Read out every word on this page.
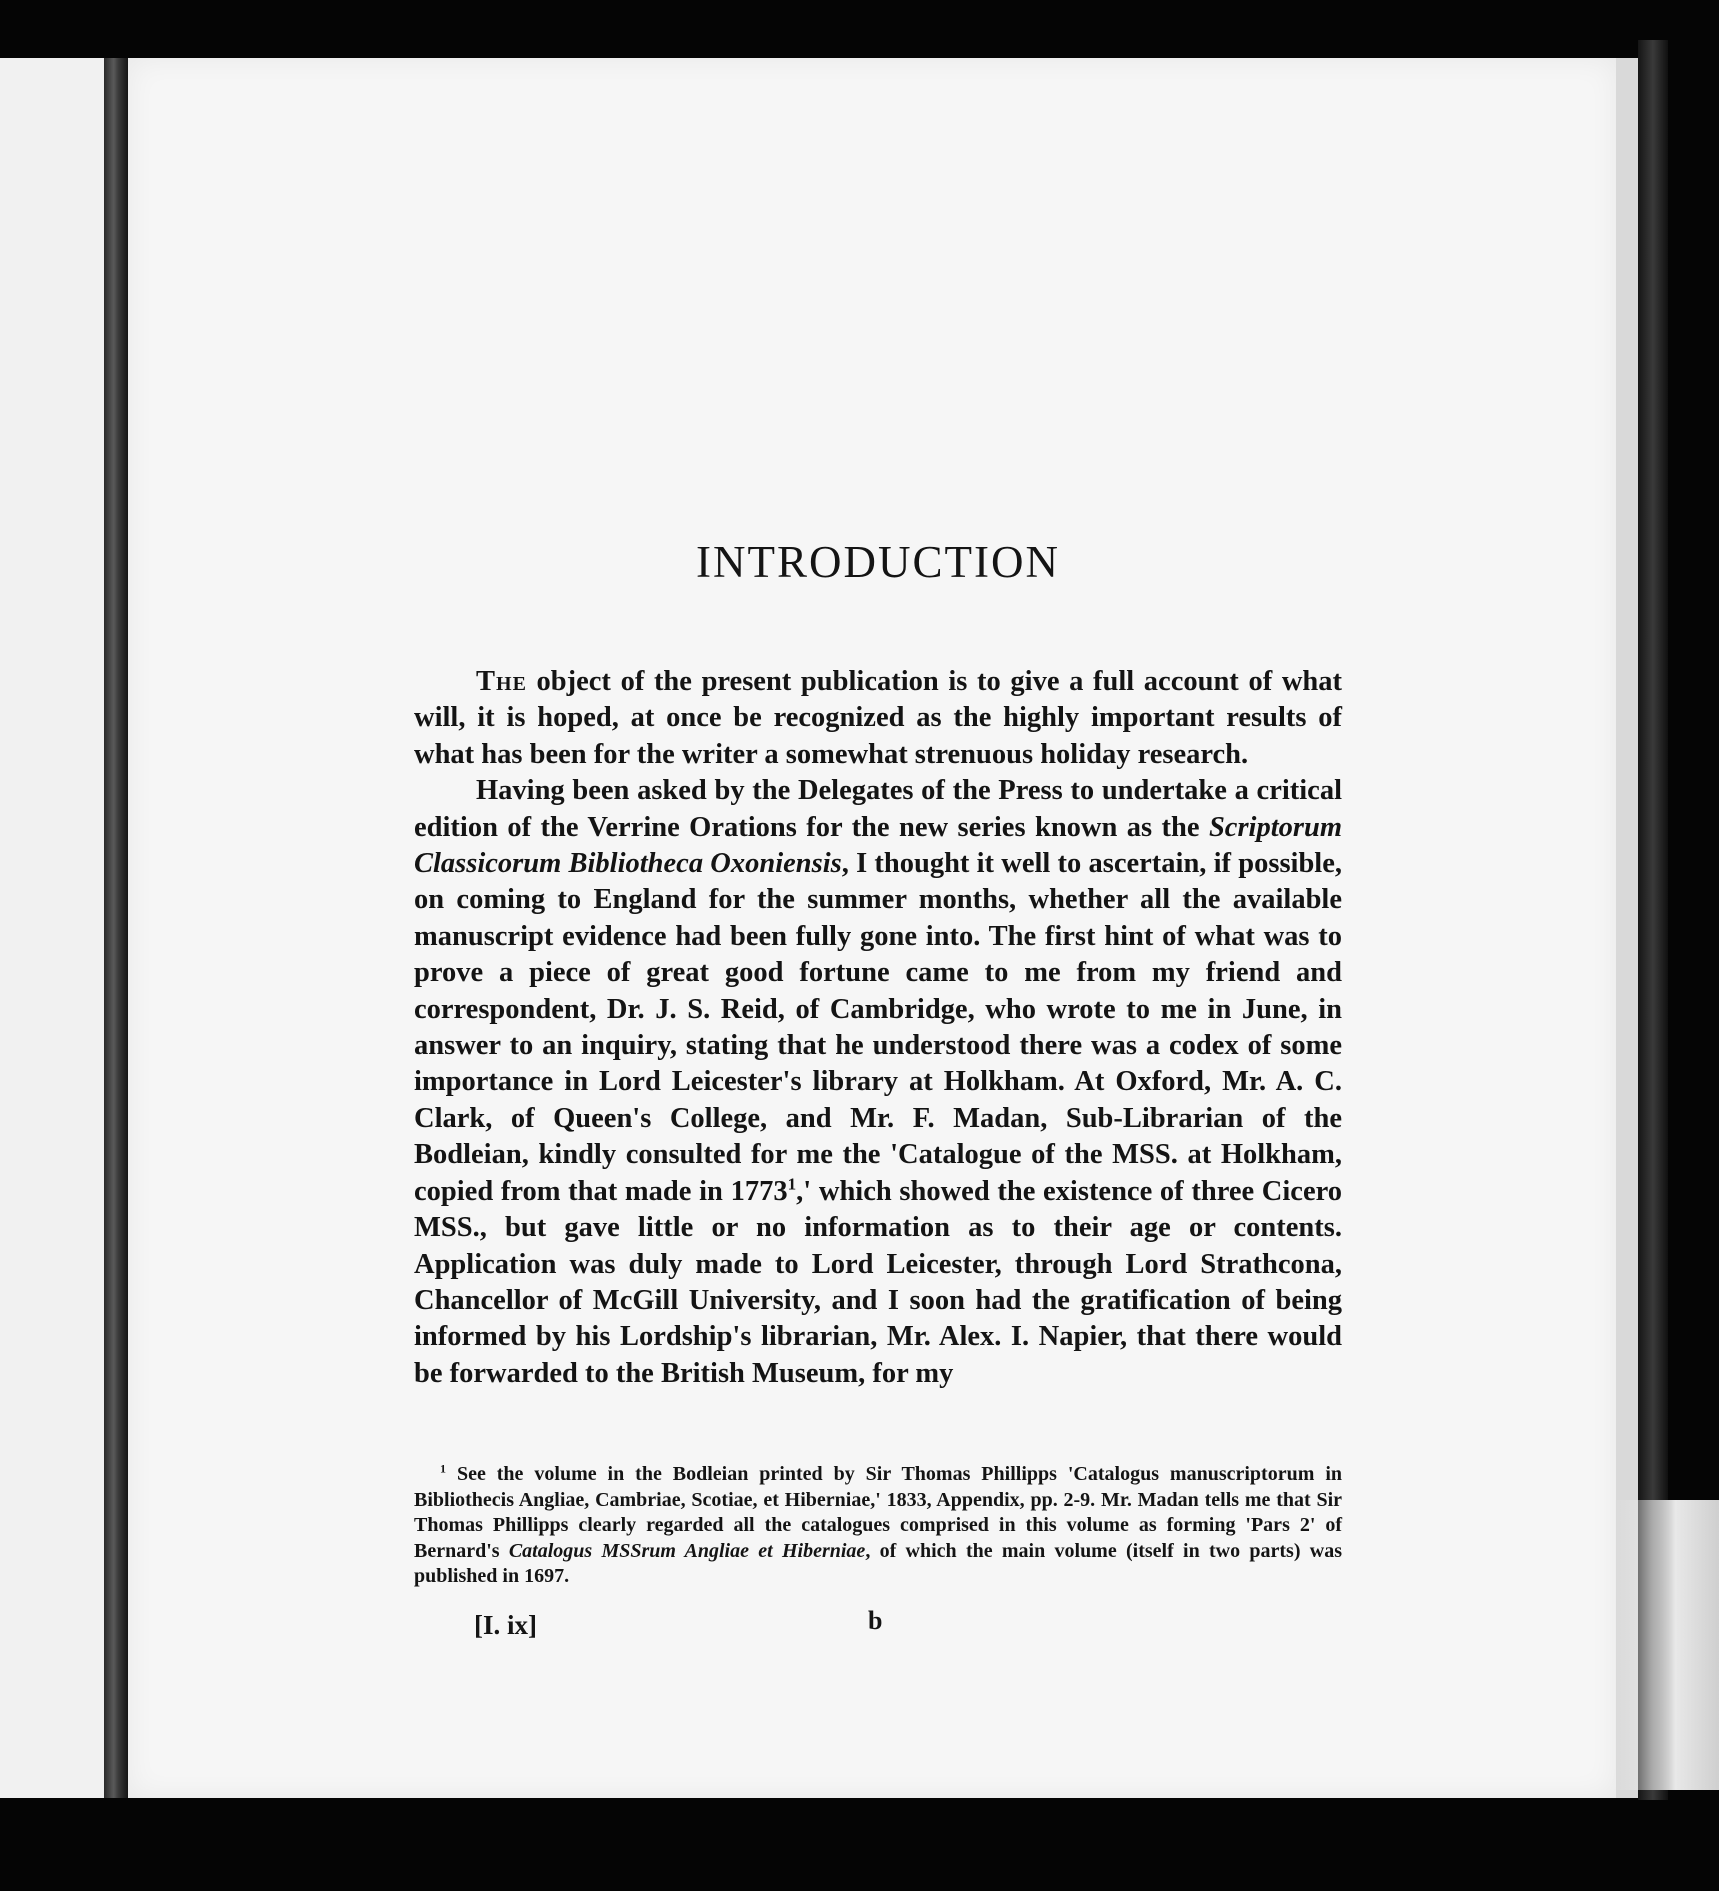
INTRODUCTION

The object of the present publication is to give a full account of what will, it is hoped, at once be recognized as the highly important results of what has been for the writer a somewhat strenuous holiday research.

Having been asked by the Delegates of the Press to undertake a critical edition of the Verrine Orations for the new series known as the Scriptorum Classicorum Bibliotheca Oxoniensis, I thought it well to ascertain, if possible, on coming to England for the summer months, whether all the available manuscript evidence had been fully gone into. The first hint of what was to prove a piece of great good fortune came to me from my friend and correspondent, Dr. J. S. Reid, of Cambridge, who wrote to me in June, in answer to an inquiry, stating that he understood there was a codex of some importance in Lord Leicester's library at Holkham. At Oxford, Mr. A. C. Clark, of Queen's College, and Mr. F. Madan, Sub-Librarian of the Bodleian, kindly consulted for me the 'Catalogue of the MSS. at Holkham, copied from that made in 1773$^1$,' which showed the existence of three Cicero MSS., but gave little or no information as to their age or contents. Application was duly made to Lord Leicester, through Lord Strathcona, Chancellor of McGill University, and I soon had the gratification of being informed by his Lordship's librarian, Mr. Alex. I. Napier, that there would be forwarded to the British Museum, for my

$^1$ See the volume in the Bodleian printed by Sir Thomas Phillipps 'Catalogus manuscriptorum in Bibliothecis Angliae, Cambriae, Scotiae, et Hiberniae,' 1833, Appendix, pp. 2-9. Mr. Madan tells me that Sir Thomas Phillipps clearly regarded all the catalogues comprised in this volume as forming 'Pars 2' of Bernard's Catalogus MSSrum Angliae et Hiberniae, of which the main volume (itself in two parts) was published in 1697.

[I. ix]	b
